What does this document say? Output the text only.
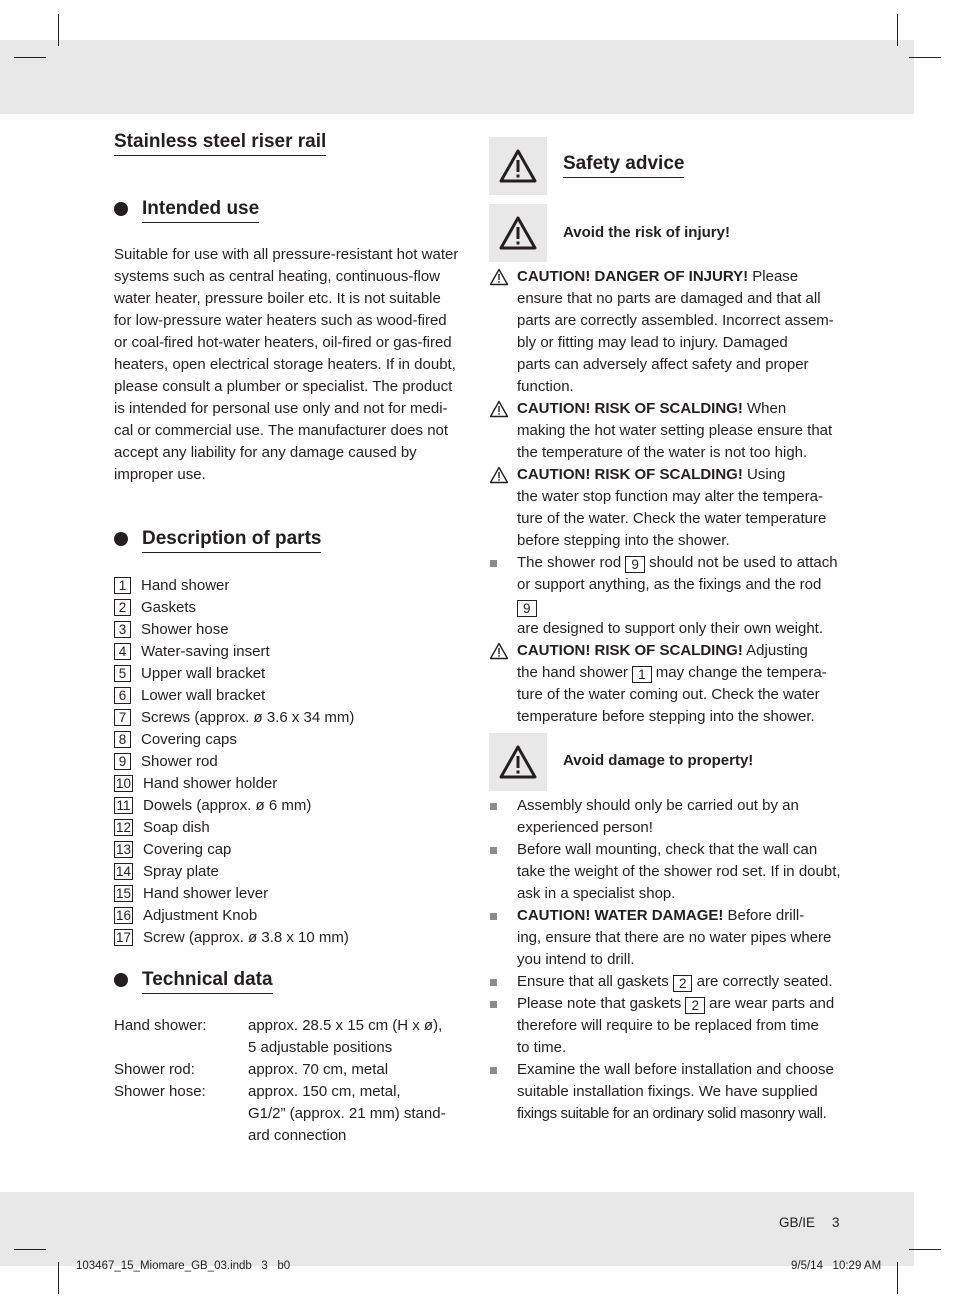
Stainless steel riser rail
Intended use
Suitable for use with all pressure-resistant hot water
systems such as central heating, continuous-flow
water heater, pressure boiler etc. It is not suitable
for low-pressure water heaters such as wood-fired
or coal-fired hot-water heaters, oil-fired or gas-fired
heaters, open electrical storage heaters. If in doubt,
please consult a plumber or specialist. The product
is intended for personal use only and not for medi-
cal or commercial use. The manufacturer does not
accept any liability for any damage caused by
improper use.
Description of parts
1 Hand shower
2 Gaskets
3 Shower hose
4 Water-saving insert
5 Upper wall bracket
6 Lower wall bracket
7 Screws (approx. ø 3.6 x 34 mm)
8 Covering caps
9 Shower rod
10 Hand shower holder
11 Dowels (approx. ø 6 mm)
12 Soap dish
13 Covering cap
14 Spray plate
15 Hand shower lever
16 Adjustment Knob
17 Screw (approx. ø 3.8 x 10 mm)
Technical data
Hand shower:	approx. 28.5 x 15 cm (H x ø),
5 adjustable positions
Shower rod:	approx. 70 cm, metal
Shower hose:	approx. 150 cm, metal,
G1/2” (approx. 21 mm) stand-
ard connection
Safety advice
Avoid the risk of injury!
CAUTION! DANGER OF INJURY! Please
ensure that no parts are damaged and that all
parts are correctly assembled. Incorrect assem-
bly or fitting may lead to injury. Damaged
parts can adversely affect safety and proper
function.
CAUTION! RISK OF SCALDING! When
making the hot water setting please ensure that
the temperature of the water is not too high.
CAUTION! RISK OF SCALDING! Using
the water stop function may alter the tempera-
ture of the water. Check the water temperature
before stepping into the shower.
The shower rod 9 should not be used to attach
or support anything, as the fixings and the rod 9
are designed to support only their own weight.
CAUTION! RISK OF SCALDING! Adjusting
the hand shower 1 may change the tempera-
ture of the water coming out. Check the water
temperature before stepping into the shower.
Avoid damage to property!
Assembly should only be carried out by an
experienced person!
Before wall mounting, check that the wall can
take the weight of the shower rod set. If in doubt,
ask in a specialist shop.
CAUTION! WATER DAMAGE! Before drill-
ing, ensure that there are no water pipes where
you intend to drill.
Ensure that all gaskets 2 are correctly seated.
Please note that gaskets 2 are wear parts and
therefore will require to be replaced from time
to time.
Examine the wall before installation and choose
suitable installation fixings. We have supplied
fixings suitable for an ordinary solid masonry wall.
GB/IE 3
103467_15_Miomare_GB_03.indb   3   b0	9/5/14   10:29 AM
